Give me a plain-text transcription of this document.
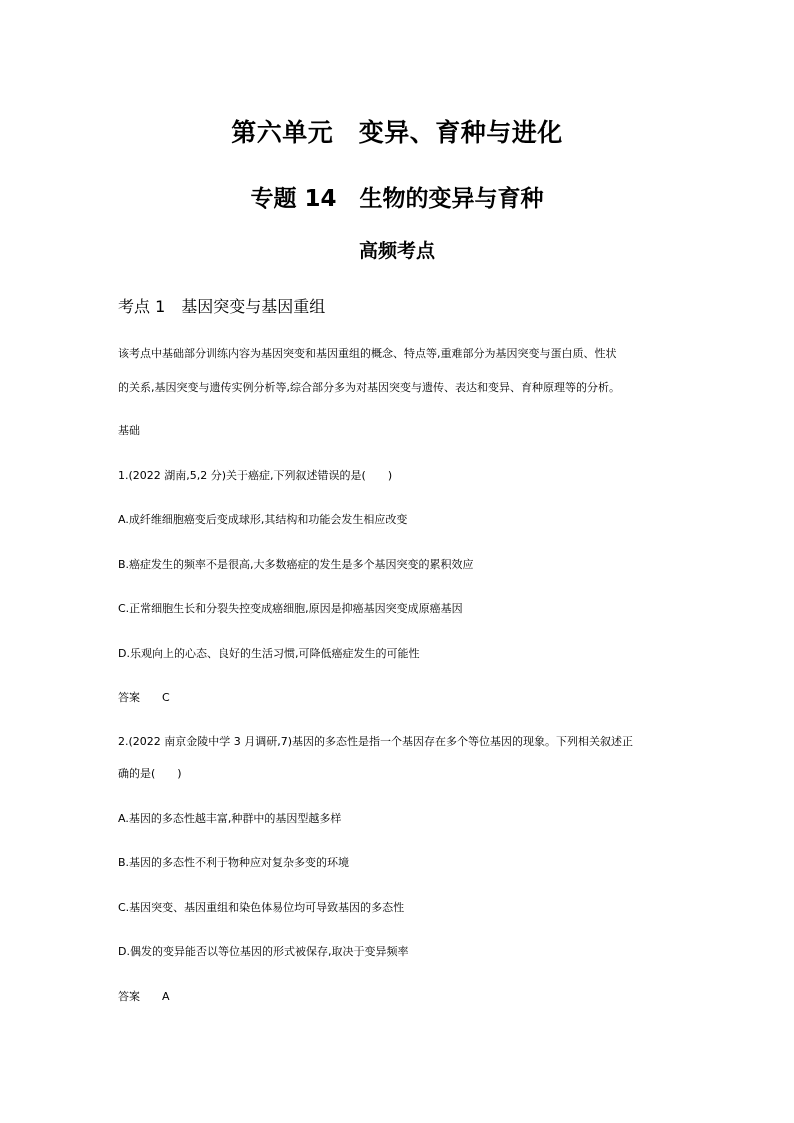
第六单元　变异、育种与进化
专题 14　生物的变异与育种
高频考点
考点 1　基因突变与基因重组
该考点中基础部分训练内容为基因突变和基因重组的概念、特点等,重难部分为基因突变与蛋白质、性状
的关系,基因突变与遗传实例分析等,综合部分多为对基因突变与遗传、表达和变异、育种原理等的分析。
基础
1.(2022 湖南,5,2 分)关于癌症,下列叙述错误的是(　　)
A.成纤维细胞癌变后变成球形,其结构和功能会发生相应改变
B.癌症发生的频率不是很高,大多数癌症的发生是多个基因突变的累积效应
C.正常细胞生长和分裂失控变成癌细胞,原因是抑癌基因突变成原癌基因
D.乐观向上的心态、良好的生活习惯,可降低癌症发生的可能性
答案　　C
2.(2022 南京金陵中学 3 月调研,7)基因的多态性是指一个基因存在多个等位基因的现象。下列相关叙述正
确的是(　　)
A.基因的多态性越丰富,种群中的基因型越多样
B.基因的多态性不利于物种应对复杂多变的环境
C.基因突变、基因重组和染色体易位均可导致基因的多态性
D.偶发的变异能否以等位基因的形式被保存,取决于变异频率
答案　　A
